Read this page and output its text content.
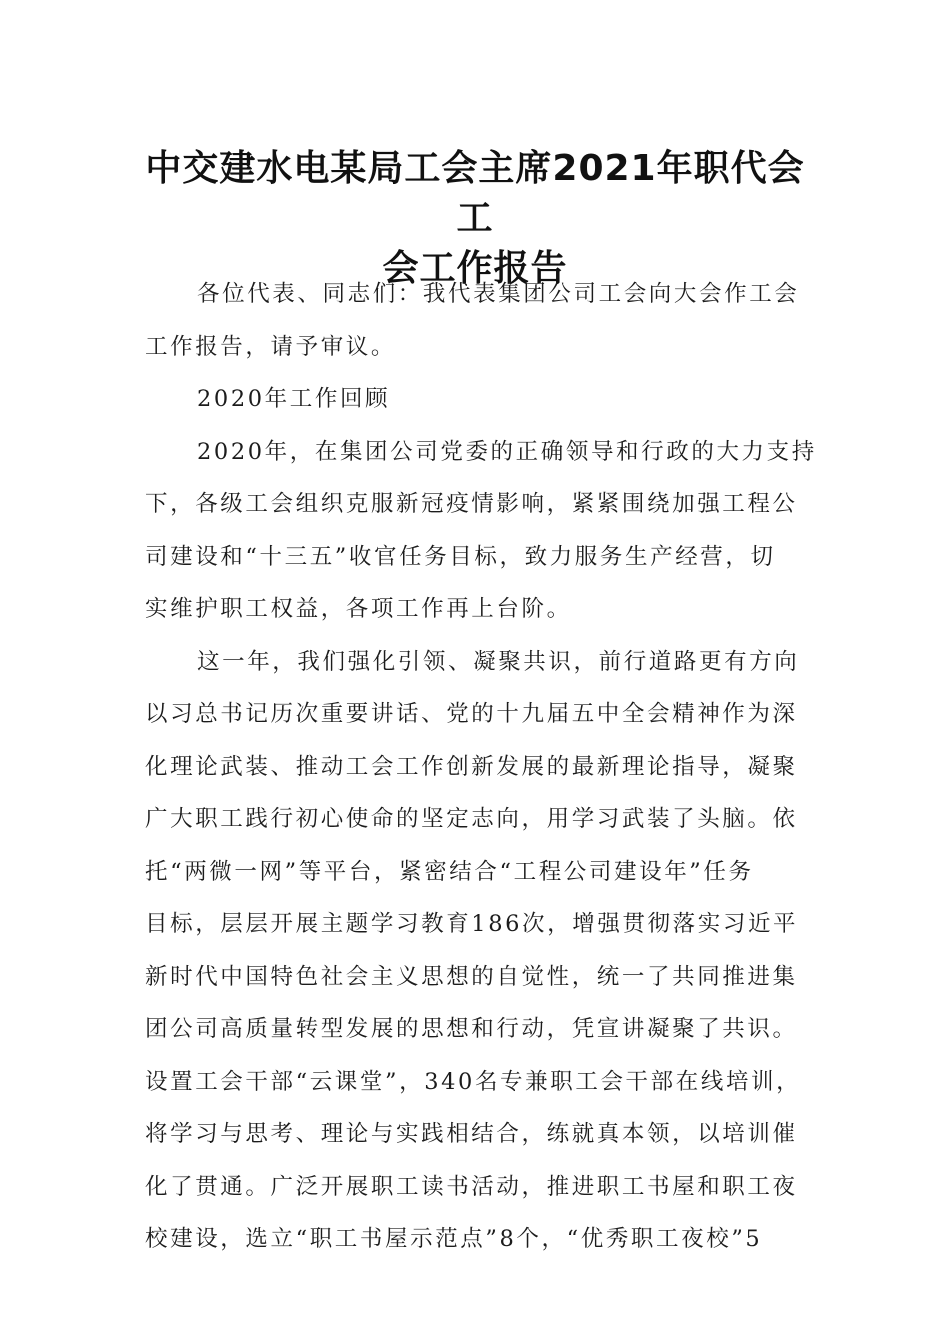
中交建水电某局工会主席2021年职代会工
会工作报告

各位代表、同志们：我代表集团公司工会向大会作工会
工作报告，请予审议。

2020年工作回顾

2020年，在集团公司党委的正确领导和行政的大力支持
下，各级工会组织克服新冠疫情影响，紧紧围绕加强工程公
司建设和“十三五”收官任务目标，致力服务生产经营，切
实维护职工权益，各项工作再上台阶。

这一年，我们强化引领、凝聚共识，前行道路更有方向
以习总书记历次重要讲话、党的十九届五中全会精神作为深
化理论武装、推动工会工作创新发展的最新理论指导，凝聚
广大职工践行初心使命的坚定志向，用学习武装了头脑。依
托“两微一网”等平台，紧密结合“工程公司建设年”任务
目标，层层开展主题学习教育186次，增强贯彻落实习近平
新时代中国特色社会主义思想的自觉性，统一了共同推进集
团公司高质量转型发展的思想和行动，凭宣讲凝聚了共识。
设置工会干部“云课堂”，340名专兼职工会干部在线培训，
将学习与思考、理论与实践相结合，练就真本领，以培训催
化了贯通。广泛开展职工读书活动，推进职工书屋和职工夜
校建设，选立“职工书屋示范点”8个，“优秀职工夜校”5
